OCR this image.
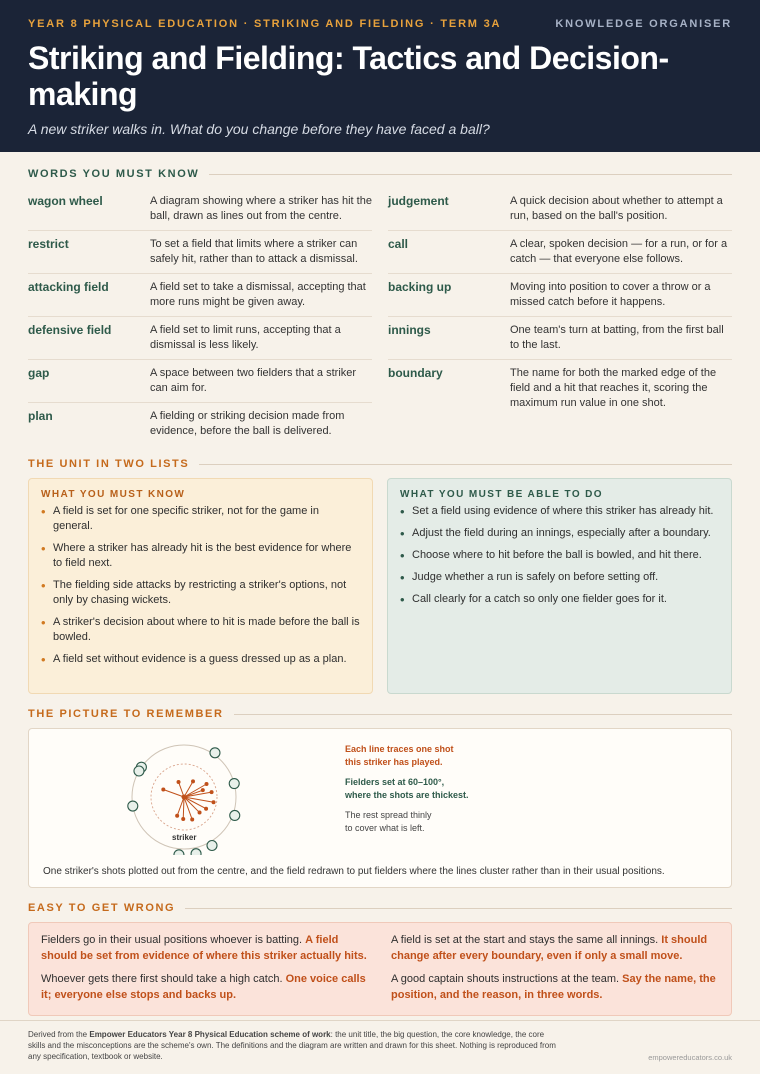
YEAR 8 PHYSICAL EDUCATION · STRIKING AND FIELDING · TERM 3A	KNOWLEDGE ORGANISER
Striking and Fielding: Tactics and Decision-making
A new striker walks in. What do you change before they have faced a ball?
WORDS YOU MUST KNOW
wagon wheel	A diagram showing where a striker has hit the ball, drawn as lines out from the centre.
restrict	To set a field that limits where a striker can safely hit, rather than to attack a dismissal.
attacking field	A field set to take a dismissal, accepting that more runs might be given away.
defensive field	A field set to limit runs, accepting that a dismissal is less likely.
gap	A space between two fielders that a striker can aim for.
plan	A fielding or striking decision made from evidence, before the ball is delivered.
judgement	A quick decision about whether to attempt a run, based on the ball's position.
call	A clear, spoken decision — for a run, or for a catch — that everyone else follows.
backing up	Moving into position to cover a throw or a missed catch before it happens.
innings	One team's turn at batting, from the first ball to the last.
boundary	The name for both the marked edge of the field and a hit that reaches it, scoring the maximum run value in one shot.
THE UNIT IN TWO LISTS
WHAT YOU MUST KNOW
• A field is set for one specific striker, not for the game in general.
• Where a striker has already hit is the best evidence for where to field next.
• The fielding side attacks by restricting a striker's options, not only by chasing wickets.
• A striker's decision about where to hit is made before the ball is bowled.
• A field set without evidence is a guess dressed up as a plan.
WHAT YOU MUST BE ABLE TO DO
• Set a field using evidence of where this striker has already hit.
• Adjust the field during an innings, especially after a boundary.
• Choose where to hit before the ball is bowled, and hit there.
• Judge whether a run is safely on before setting off.
• Call clearly for a catch so only one fielder goes for it.
THE PICTURE TO REMEMBER
striker

Each line traces one shot
this striker has played.

Fielders set at 60–100°,
where the shots are thickest.

The rest spread thinly
to cover what is left.

One striker's shots plotted out from the centre, and the field redrawn to put fielders where the lines cluster rather than in their usual positions.
EASY TO GET WRONG

Fielders go in their usual positions whoever is batting. A field should be set from evidence of where this striker actually hits.

Whoever gets there first should take a high catch. One voice calls it; everyone else stops and backs up.

A field is set at the start and stays the same all innings. It should change after every boundary, even if only a small move.

A good captain shouts instructions at the team. Say the name, the position, and the reason, in three words.

Derived from the Empower Educators Year 8 Physical Education scheme of work: the unit title, the big question, the core knowledge, the core skills and the misconceptions are the scheme's own. The definitions and the diagram are written and drawn for this sheet. Nothing is reproduced from any specification, textbook or website.	empowereducators.co.uk
